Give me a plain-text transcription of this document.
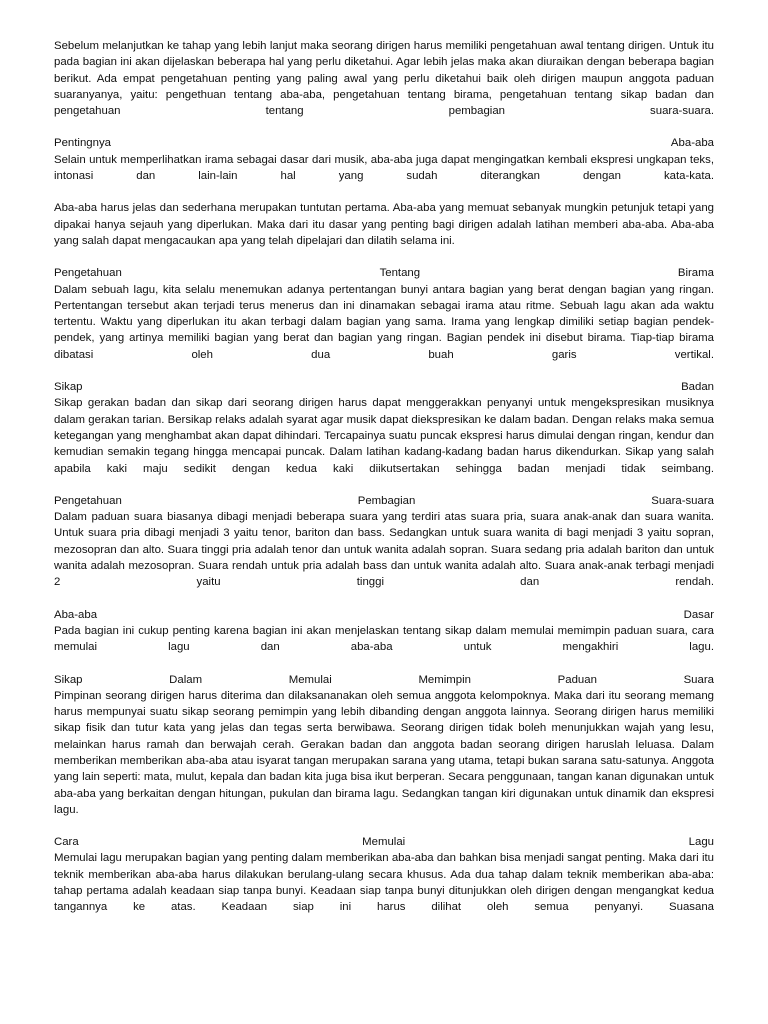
Sebelum melanjutkan ke tahap yang lebih lanjut maka seorang dirigen harus memiliki pengetahuan awal tentang dirigen. Untuk itu pada bagian ini akan dijelaskan beberapa hal yang perlu diketahui. Agar lebih jelas maka akan diuraikan dengan beberapa bagian berikut. Ada empat pengetahuan penting yang paling awal yang perlu diketahui baik oleh dirigen maupun anggota paduan suaranyanya, yaitu: pengethuan tentang aba-aba, pengetahuan tentang birama, pengetahuan tentang sikap badan dan pengetahuan tentang pembagian suara-suara.

Pentingnya	Aba-aba

Selain untuk memperlihatkan irama sebagai dasar dari musik, aba-aba juga dapat mengingatkan kembali ekspresi ungkapan teks, intonasi dan lain-lain hal yang sudah diterangkan dengan kata-kata.

Aba-aba harus jelas dan sederhana merupakan tuntutan pertama. Aba-aba yang memuat sebanyak mungkin petunjuk tetapi yang dipakai hanya sejauh yang diperlukan. Maka dari itu dasar yang penting bagi dirigen adalah latihan memberi aba-aba. Aba-aba yang salah dapat mengacaukan apa yang telah dipelajari dan dilatih selama ini.

Pengetahuan	Tentang	Birama

Dalam sebuah lagu, kita selalu menemukan adanya pertentangan bunyi antara bagian yang berat dengan bagian yang ringan. Pertentangan tersebut akan terjadi terus menerus dan ini dinamakan sebagai irama atau ritme. Sebuah lagu akan ada waktu tertentu. Waktu yang diperlukan itu akan terbagi dalam bagian yang sama. Irama yang lengkap dimiliki setiap bagian pendek-pendek, yang artinya memiliki bagian yang berat dan bagian yang ringan. Bagian pendek ini disebut birama. Tiap-tiap birama dibatasi oleh dua buah garis vertikal.

Sikap	Badan

Sikap gerakan badan dan sikap dari seorang dirigen harus dapat menggerakkan penyanyi untuk mengekspresikan musiknya dalam gerakan tarian. Bersikap relaks adalah syarat agar musik dapat diekspresikan ke dalam badan. Dengan relaks maka semua ketegangan yang menghambat akan dapat dihindari. Tercapainya suatu puncak ekspresi harus dimulai dengan ringan, kendur dan kemudian semakin tegang hingga mencapai puncak. Dalam latihan kadang-kadang badan harus dikendurkan. Sikap yang salah apabila kaki maju sedikit dengan kedua kaki diikutsertakan sehingga badan menjadi tidak seimbang.

Pengetahuan	Pembagian	Suara-suara

Dalam paduan suara biasanya dibagi menjadi beberapa suara yang terdiri atas suara pria, suara anak-anak dan suara wanita. Untuk suara pria dibagi menjadi 3 yaitu tenor, bariton dan bass. Sedangkan untuk suara wanita di bagi menjadi 3 yaitu sopran, mezosopran dan alto. Suara tinggi pria adalah tenor dan untuk wanita adalah sopran. Suara sedang pria adalah bariton dan untuk wanita adalah mezosopran. Suara rendah untuk pria adalah bass dan untuk wanita adalah alto. Suara anak-anak terbagi menjadi 2 yaitu tinggi dan rendah.

Aba-aba	Dasar

Pada bagian ini cukup penting karena bagian ini akan menjelaskan tentang sikap dalam memulai memimpin paduan suara, cara memulai lagu dan aba-aba untuk mengakhiri lagu.

Sikap	Dalam	Memulai	Memimpin	Paduan	Suara

Pimpinan seorang dirigen harus diterima dan dilaksananakan oleh semua anggota kelompoknya. Maka dari itu seorang memang harus mempunyai suatu sikap seorang pemimpin yang lebih dibanding dengan anggota lainnya. Seorang dirigen harus memiliki sikap fisik dan tutur kata yang jelas dan tegas serta berwibawa. Seorang dirigen tidak boleh menunjukkan wajah yang lesu, melainkan harus ramah dan berwajah cerah. Gerakan badan dan anggota badan seorang dirigen haruslah leluasa. Dalam memberikan memberikan aba-aba atau isyarat tangan merupakan sarana yang utama, tetapi bukan sarana satu-satunya. Anggota yang lain seperti: mata, mulut, kepala dan badan kita juga bisa ikut berperan. Secara penggunaan, tangan kanan digunakan untuk aba-aba yang berkaitan dengan hitungan, pukulan dan birama lagu. Sedangkan tangan kiri digunakan untuk dinamik dan ekspresi lagu.

Cara	Memulai	Lagu

Memulai lagu merupakan bagian yang penting dalam memberikan aba-aba dan bahkan bisa menjadi sangat penting. Maka dari itu teknik memberikan aba-aba harus dilakukan berulang-ulang secara khusus. Ada dua tahap dalam teknik memberikan aba-aba: tahap pertama adalah keadaan siap tanpa bunyi. Keadaan siap tanpa bunyi ditunjukkan oleh dirigen dengan mengangkat kedua tangannya ke atas. Keadaan siap ini harus dilihat oleh semua penyanyi. Suasana
